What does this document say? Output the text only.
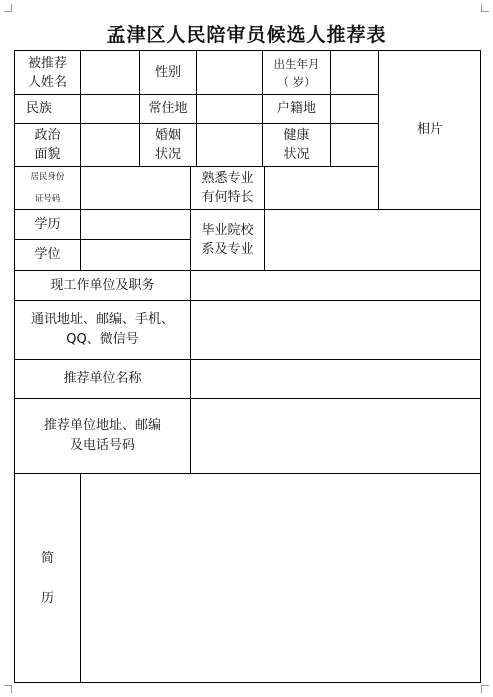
孟津区人民陪审员候选人推荐表
被推荐
人姓名
性别
出生年月
（ 岁）
相片
民族	常住地	户籍地
政治
面貌
婚姻
状况
健康
状况
居民身份
证号码
熟悉专业
有何特长
学历
学位
毕业院校
系及专业
现工作单位及职务
通讯地址、邮编、手机、
QQ、微信号
推荐单位名称
推荐单位地址、邮编
及电话号码
简
历
